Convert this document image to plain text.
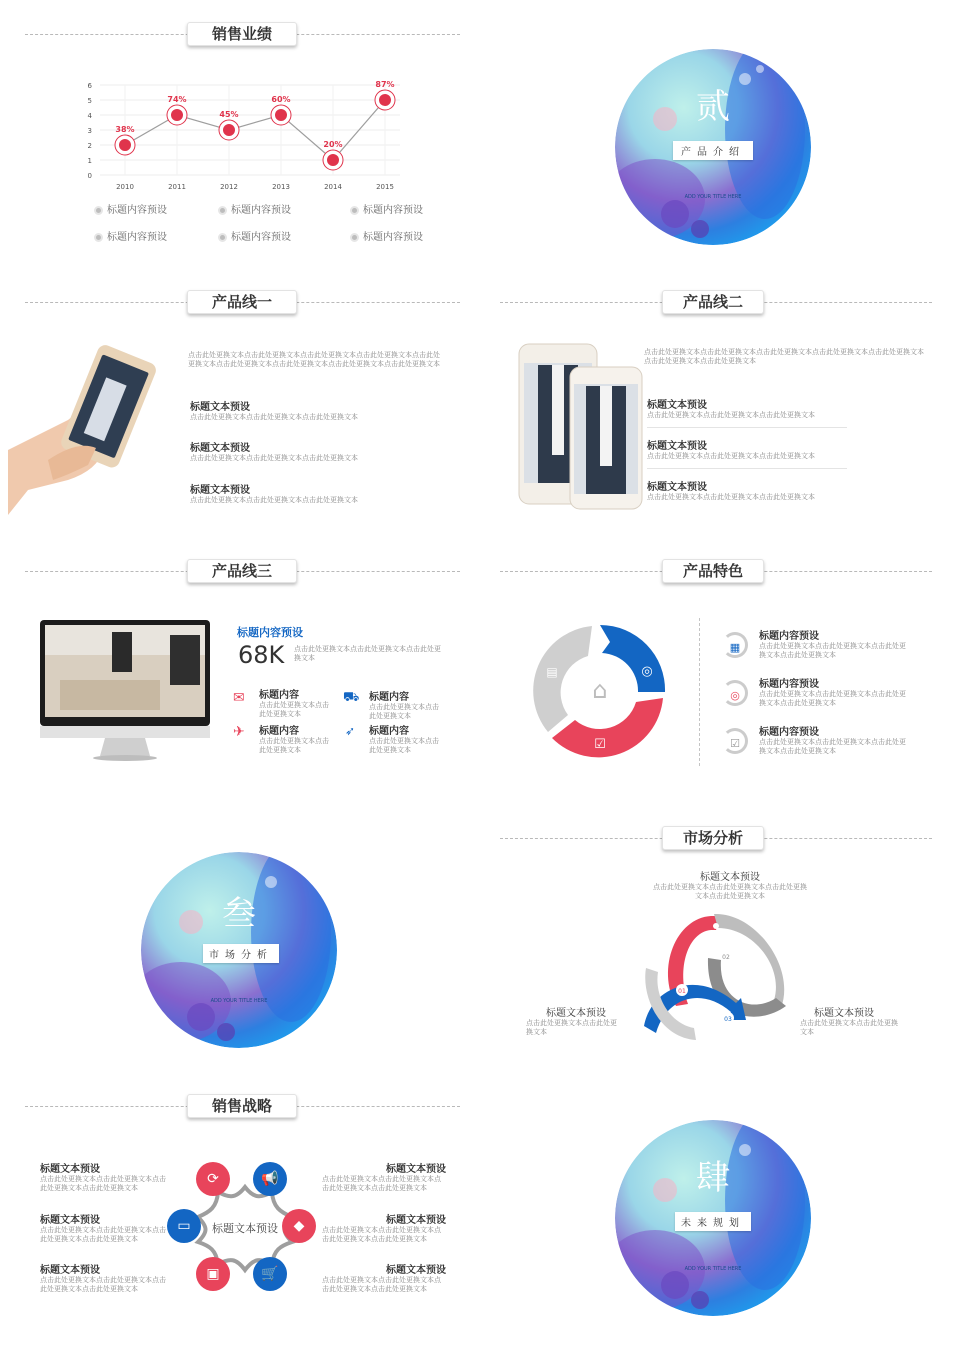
销售业绩
0
1
2
3
4
5
6
38%
2010
74%
2011
45%
2012
60%
2013
20%
2014
87%
2015
标题内容预设	标题内容预设	标题内容预设
标题内容预设	标题内容预设	标题内容预设
贰
产品介绍
ADD YOUR TITLE HERE
产品线一
点击此处更换文本点击此处更换文本点击此处更换文本点击此处更换文本点击此处更换文本点击此处更换文本点击此处更换文本点击此处更换文本点击此处更换文本
标题文本预设
点击此处更换文本点击此处更换文本点击此处更换文本
标题文本预设
点击此处更换文本点击此处更换文本点击此处更换文本
标题文本预设
点击此处更换文本点击此处更换文本点击此处更换文本
产品线二
点击此处更换文本点击此处更换文本点击此处更换文本点击此处更换文本点击此处更换文本点击此处更换文本点击此处更换文本
标题文本预设
点击此处更换文本点击此处更换文本点击此处更换文本
标题文本预设
点击此处更换文本点击此处更换文本点击此处更换文本
标题文本预设
点击此处更换文本点击此处更换文本点击此处更换文本
产品线三
标题内容预设
68K 点击此处更换文本点击此处更换文本点击此处更换文本
✉ 标题内容
点击此处更换文本点击此处更换文本
⛟ 标题内容
点击此处更换文本点击此处更换文本
✈ 标题内容
点击此处更换文本点击此处更换文本
➶ 标题内容
点击此处更换文本点击此处更换文本
产品特色
⌂
◎
☑
▤
▦
标题内容预设
点击此处更换文本点击此处更换文本点击此处更换文本点击此处更换文本
◎
标题内容预设
点击此处更换文本点击此处更换文本点击此处更换文本点击此处更换文本
☑
标题内容预设
点击此处更换文本点击此处更换文本点击此处更换文本点击此处更换文本
叁
市场分析
ADD YOUR TITLE HERE
市场分析
标题文本预设
点击此处更换文本点击此处更换文本点击此处更换文本点击此处更换文本
01
02
03
标题文本预设
点击此处更换文本点击此处更换文本
标题文本预设
点击此处更换文本点击此处更换文本
销售战略
标题文本预设
点击此处更换文本点击此处更换文本点击此处更换文本点击此处更换文本
标题文本预设
点击此处更换文本点击此处更换文本点击此处更换文本点击此处更换文本
标题文本预设
点击此处更换文本点击此处更换文本点击此处更换文本点击此处更换文本
标题文本预设
⟳	📢
▭	◆
▣	🛒
标题文本预设
点击此处更换文本点击此处更换文本点击此处更换文本点击此处更换文本
标题文本预设
点击此处更换文本点击此处更换文本点击此处更换文本点击此处更换文本
标题文本预设
点击此处更换文本点击此处更换文本点击此处更换文本点击此处更换文本
肆
未来规划
ADD YOUR TITLE HERE
